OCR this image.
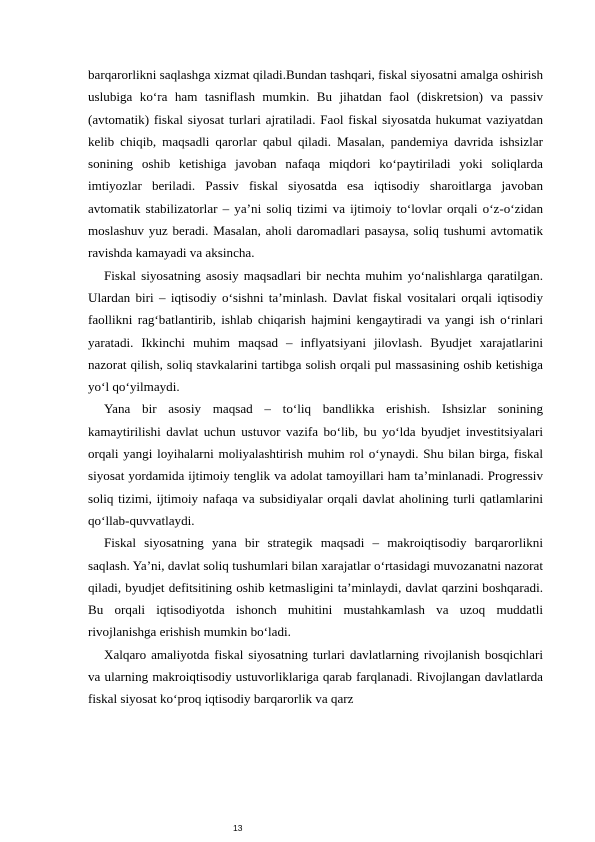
barqarorlikni saqlashga xizmat qiladi.Bundan tashqari, fiskal siyosatni amalga oshirish uslubiga ko‘ra ham tasniflash mumkin. Bu jihatdan faol (diskretsion) va passiv (avtomatik) fiskal siyosat turlari ajratiladi. Faol fiskal siyosatda hukumat vaziyatdan kelib chiqib, maqsadli qarorlar qabul qiladi. Masalan, pandemiya davrida ishsizlar sonining oshib ketishiga javoban nafaqa miqdori ko‘paytiriladi yoki soliqlarda imtiyozlar beriladi. Passiv fiskal siyosatda esa iqtisodiy sharoitlarga javoban avtomatik stabilizatorlar – ya’ni soliq tizimi va ijtimoiy to‘lovlar orqali o‘z-o‘zidan moslashuv yuz beradi. Masalan, aholi daromadlari pasaysa, soliq tushumi avtomatik ravishda kamayadi va aksincha.

Fiskal siyosatning asosiy maqsadlari bir nechta muhim yo‘nalishlarga qaratilgan. Ulardan biri – iqtisodiy o‘sishni ta’minlash. Davlat fiskal vositalari orqali iqtisodiy faollikni rag‘batlantirib, ishlab chiqarish hajmini kengaytiradi va yangi ish o‘rinlari yaratadi. Ikkinchi muhim maqsad – inflyatsiyani jilovlash. Byudjet xarajatlarini nazorat qilish, soliq stavkalarini tartibga solish orqali pul massasining oshib ketishiga yo‘l qo‘yilmaydi.

Yana bir asosiy maqsad – to‘liq bandlikka erishish. Ishsizlar sonining kamaytirilishi davlat uchun ustuvor vazifa bo‘lib, bu yo‘lda byudjet investitsiyalari orqali yangi loyihalarni moliyalashtirish muhim rol o‘ynaydi. Shu bilan birga, fiskal siyosat yordamida ijtimoiy tenglik va adolat tamoyillari ham ta’minlanadi. Progressiv soliq tizimi, ijtimoiy nafaqa va subsidiyalar orqali davlat aholining turli qatlamlarini qo‘llab-quvvatlaydi.

Fiskal siyosatning yana bir strategik maqsadi – makroiqtisodiy barqarorlikni saqlash. Ya’ni, davlat soliq tushumlari bilan xarajatlar o‘rtasidagi muvozanatni nazorat qiladi, byudjet defitsitining oshib ketmasligini ta’minlaydi, davlat qarzini boshqaradi. Bu orqali iqtisodiyotda ishonch muhitini mustahkamlash va uzoq muddatli rivojlanishga erishish mumkin bo‘ladi.

Xalqaro amaliyotda fiskal siyosatning turlari davlatlarning rivojlanish bosqichlari va ularning makroiqtisodiy ustuvorliklariga qarab farqlanadi. Rivojlangan davlatlarda fiskal siyosat ko‘proq iqtisodiy barqarorlik va qarz

13
